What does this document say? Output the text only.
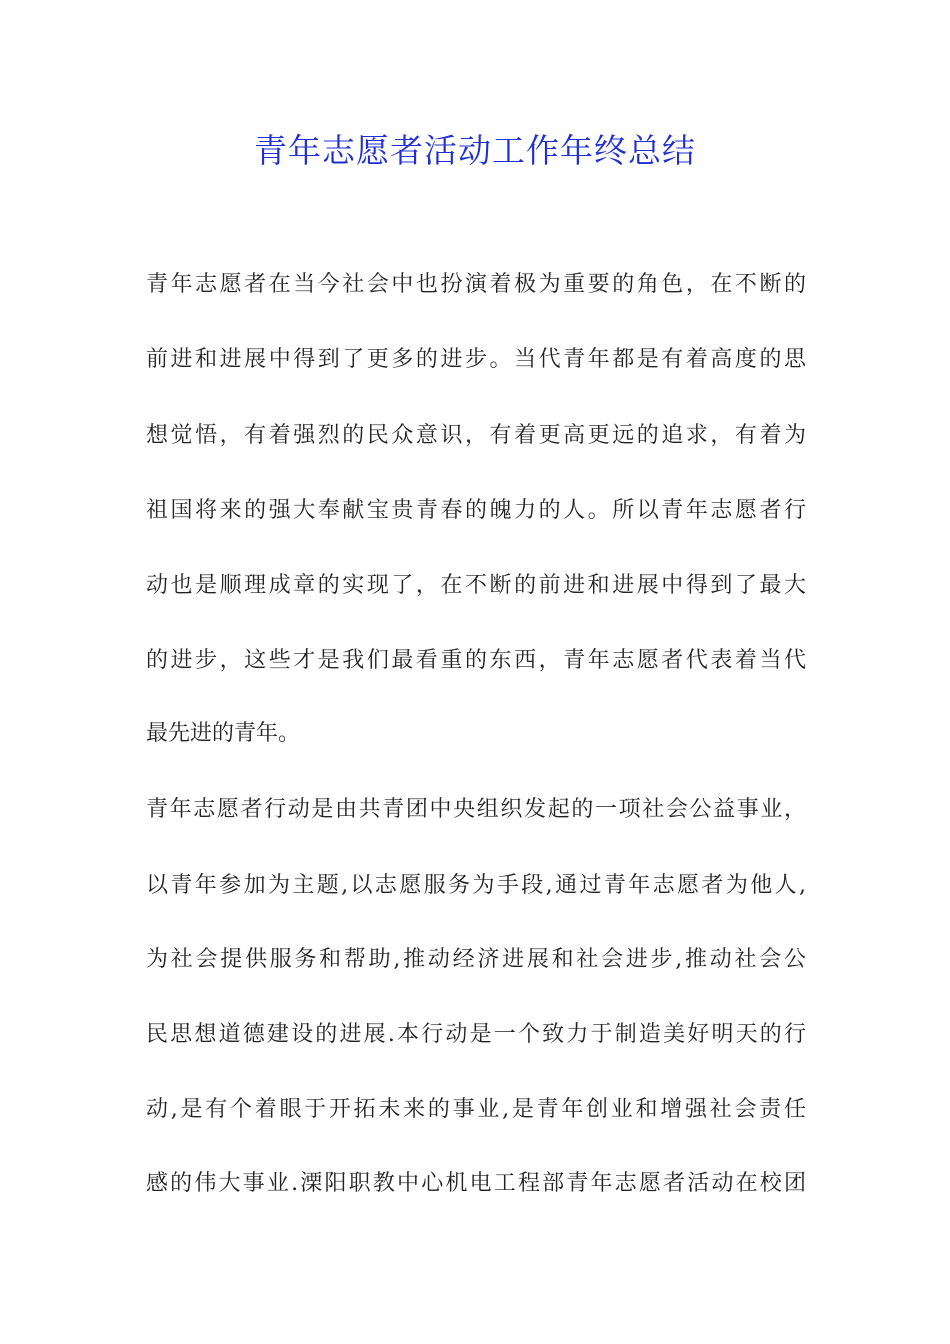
青年志愿者活动工作年终总结
青年志愿者在当今社会中也扮演着极为重要的角色，在不断的
前进和进展中得到了更多的进步。当代青年都是有着高度的思
想觉悟，有着强烈的民众意识，有着更高更远的追求，有着为
祖国将来的强大奉献宝贵青春的魄力的人。所以青年志愿者行
动也是顺理成章的实现了，在不断的前进和进展中得到了最大
的进步，这些才是我们最看重的东西，青年志愿者代表着当代
最先进的青年。
青年志愿者行动是由共青团中央组织发起的一项社会公益事业，
以青年参加为主题,以志愿服务为手段,通过青年志愿者为他人,
为社会提供服务和帮助,推动经济进展和社会进步,推动社会公
民思想道德建设的进展.本行动是一个致力于制造美好明天的行
动,是有个着眼于开拓未来的事业,是青年创业和增强社会责任
感的伟大事业.溧阳职教中心机电工程部青年志愿者活动在校团
